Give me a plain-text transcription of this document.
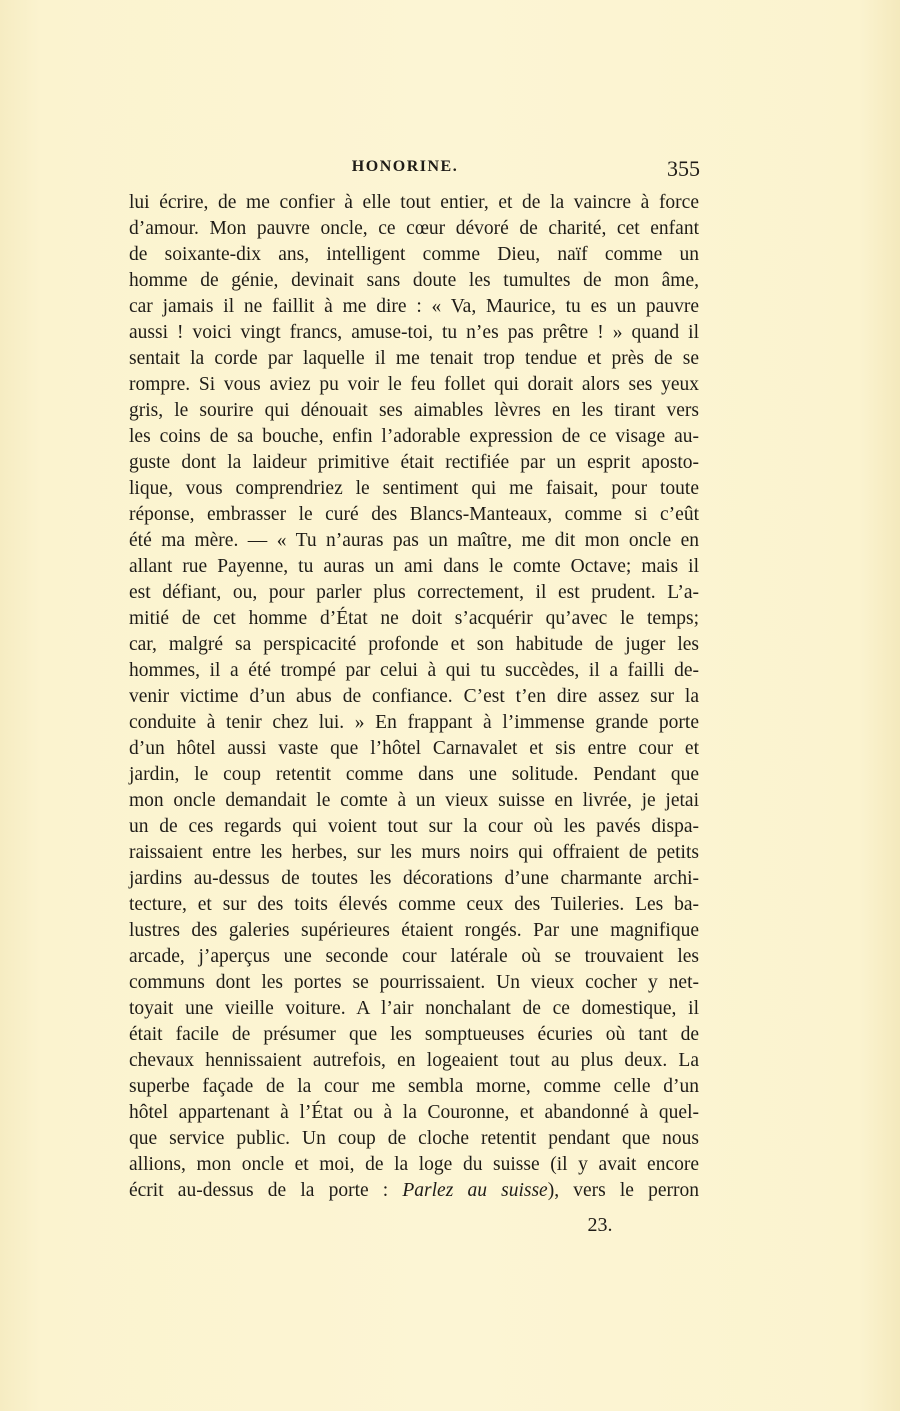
HONORINE.	355
lui écrire, de me confier à elle tout entier, et de la vaincre à force
d’amour. Mon pauvre oncle, ce cœur dévoré de charité, cet enfant
de soixante-dix ans, intelligent comme Dieu, naïf comme un
homme de génie, devinait sans doute les tumultes de mon âme,
car jamais il ne faillit à me dire : « Va, Maurice, tu es un pauvre
aussi ! voici vingt francs, amuse-toi, tu n’es pas prêtre ! » quand il
sentait la corde par laquelle il me tenait trop tendue et près de se
rompre. Si vous aviez pu voir le feu follet qui dorait alors ses yeux
gris, le sourire qui dénouait ses aimables lèvres en les tirant vers
les coins de sa bouche, enfin l’adorable expression de ce visage au-
guste dont la laideur primitive était rectifiée par un esprit aposto-
lique, vous comprendriez le sentiment qui me faisait, pour toute
réponse, embrasser le curé des Blancs-Manteaux, comme si c’eût
été ma mère. — « Tu n’auras pas un maître, me dit mon oncle en
allant rue Payenne, tu auras un ami dans le comte Octave; mais il
est défiant, ou, pour parler plus correctement, il est prudent. L’a-
mitié de cet homme d’État ne doit s’acquérir qu’avec le temps;
car, malgré sa perspicacité profonde et son habitude de juger les
hommes, il a été trompé par celui à qui tu succèdes, il a failli de-
venir victime d’un abus de confiance. C’est t’en dire assez sur la
conduite à tenir chez lui. » En frappant à l’immense grande porte
d’un hôtel aussi vaste que l’hôtel Carnavalet et sis entre cour et
jardin, le coup retentit comme dans une solitude. Pendant que
mon oncle demandait le comte à un vieux suisse en livrée, je jetai
un de ces regards qui voient tout sur la cour où les pavés dispa-
raissaient entre les herbes, sur les murs noirs qui offraient de petits
jardins au-dessus de toutes les décorations d’une charmante archi-
tecture, et sur des toits élevés comme ceux des Tuileries. Les ba-
lustres des galeries supérieures étaient rongés. Par une magnifique
arcade, j’aperçus une seconde cour latérale où se trouvaient les
communs dont les portes se pourrissaient. Un vieux cocher y net-
toyait une vieille voiture. A l’air nonchalant de ce domestique, il
était facile de présumer que les somptueuses écuries où tant de
chevaux hennissaient autrefois, en logeaient tout au plus deux. La
superbe façade de la cour me sembla morne, comme celle d’un
hôtel appartenant à l’État ou à la Couronne, et abandonné à quel-
que service public. Un coup de cloche retentit pendant que nous
allions, mon oncle et moi, de la loge du suisse (il y avait encore
écrit au-dessus de la porte : Parlez au suisse), vers le perron
23.
